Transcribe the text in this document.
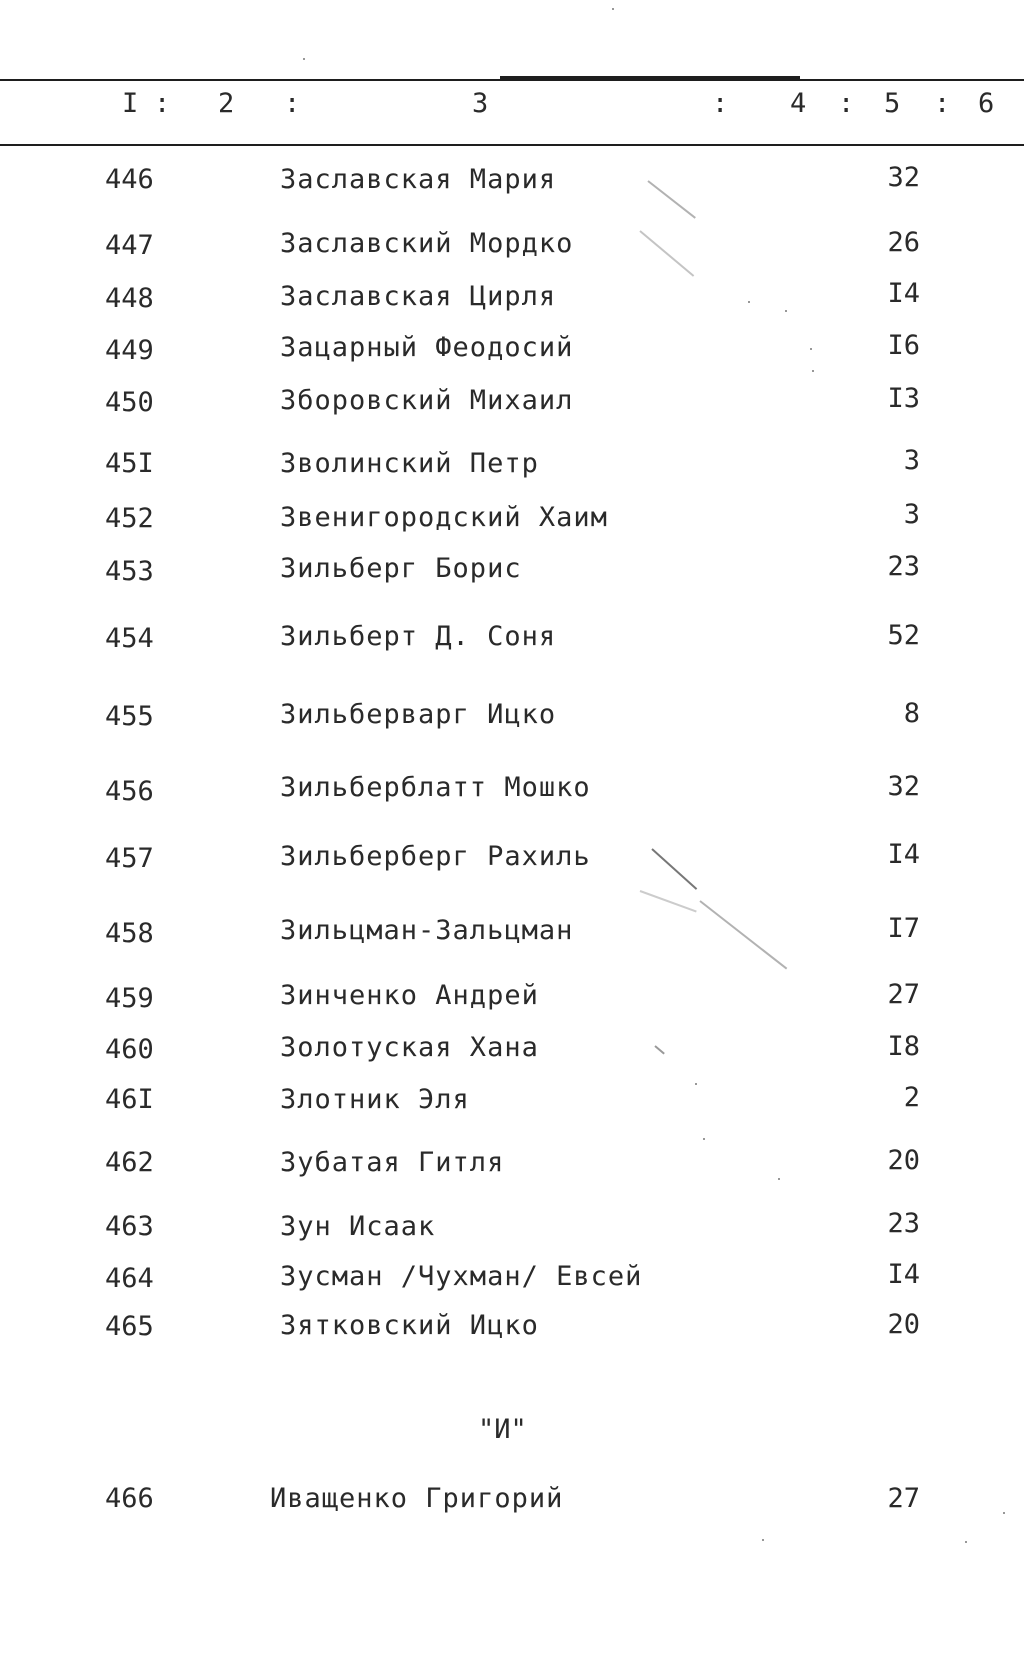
I : 2 :	3	: 4 : 5 : 6
446	Заславская Мария	32
447	Заславский Мордко	26
448	Заславская Цирля	I4
449	Зацарный Феодосий	I6
450	Зборовский Михаил	I3
45I	Зволинский Петр	3
452	Звенигородский Хаим	3
453	Зильберг Борис	23
454	Зильберт Д. Соня	52
455	Зильберварг Ицко	8
456	Зильберблатт Мошко	32
457	Зильберберг Рахиль	I4
458	Зильцман-Зальцман	I7
459	Зинченко Андрей	27
460	Золотуская Хана	I8
46I	Злотник Эля	2
462	Зубатая Гитля	20
463	Зун Исаак	23
464	Зусман /Чухман/ Евсей	I4
465	Зятковский Ицко	20
"И"
466	Иващенко Григорий	27
